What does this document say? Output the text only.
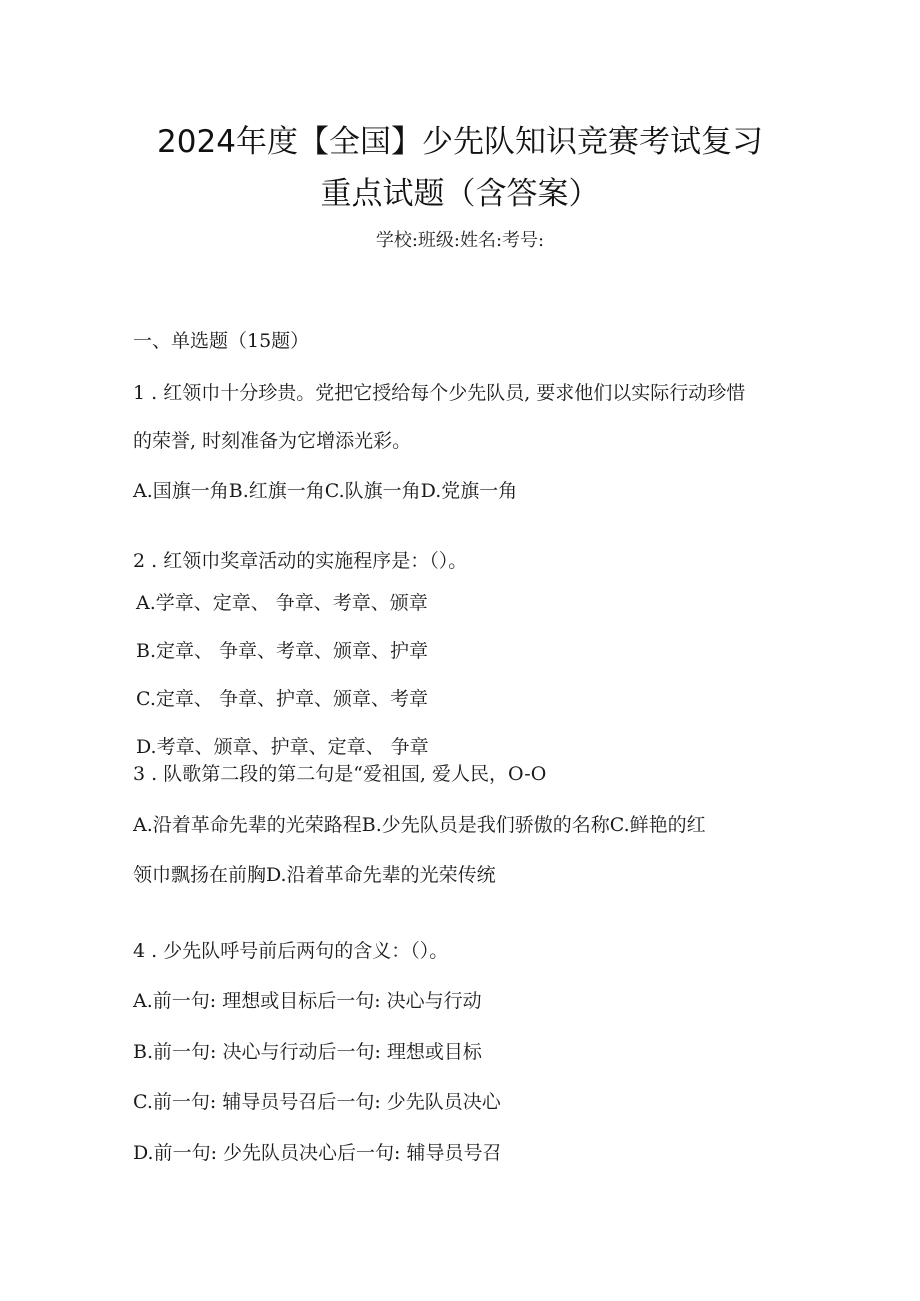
2024年度【全国】少先队知识竞赛考试复习
重点试题（含答案）
学校:班级:姓名:考号:
一、单选题（15题）
1 . 红领巾十分珍贵。党把它授给每个少先队员, 要求他们以实际行动珍惜
的荣誉, 时刻准备为它增添光彩。
A.国旗一角B.红旗一角C.队旗一角D.党旗一角
2 . 红领巾奖章活动的实施程序是：（）。
A.学章、定章、 争章、考章、颁章
B.定章、 争章、考章、颁章、护章
C.定章、 争章、护章、颁章、考章
D.考章、颁章、护章、定章、 争章
3 . 队歌第二段的第二句是“爱祖国, 爱人民，O-O
A.沿着革命先辈的光荣路程B.少先队员是我们骄傲的名称C.鲜艳的红
领巾飘扬在前胸D.沿着革命先辈的光荣传统
4 . 少先队呼号前后两句的含义：（）。
A.前一句: 理想或目标后一句: 决心与行动
B.前一句: 决心与行动后一句: 理想或目标
C.前一句: 辅导员号召后一句: 少先队员决心
D.前一句: 少先队员决心后一句: 辅导员号召
